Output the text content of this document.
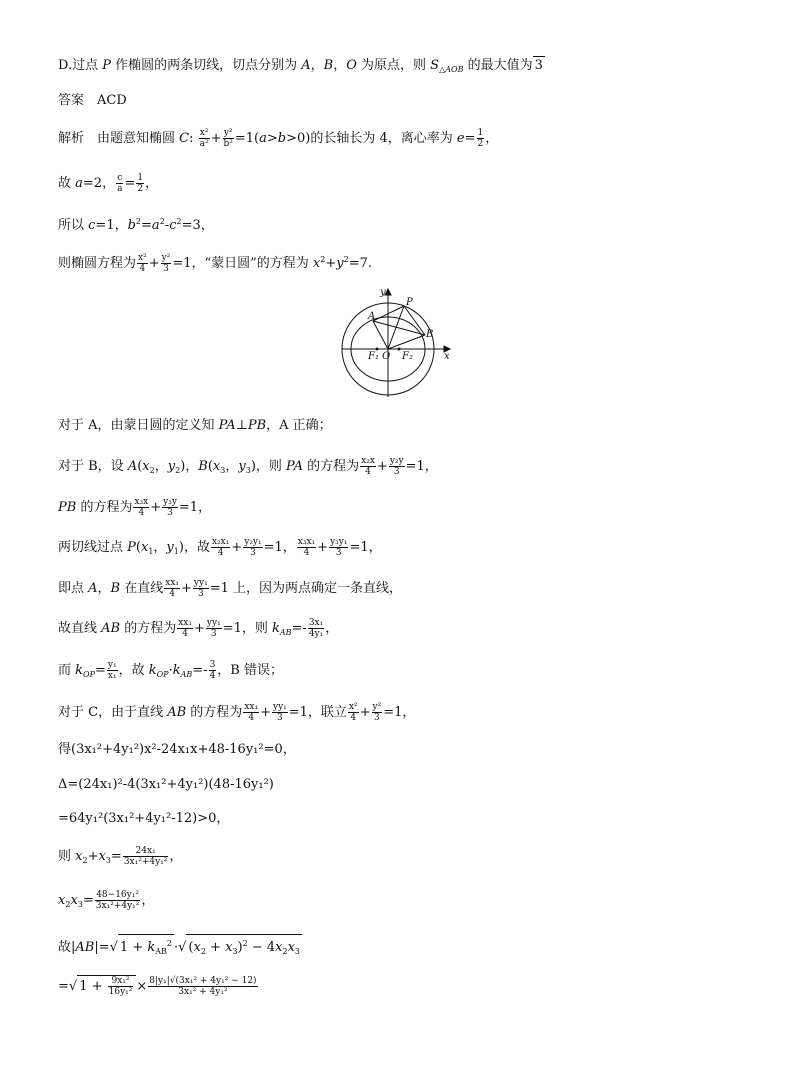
D.过点 P 作椭圆的两条切线，切点分别为 A，B，O 为原点，则 $S_{\triangle AOB}$ 的最大值为 3
答案　ACD
解析　由题意知椭圆 C: $\frac{\text{x²}}{\text{a²}} + \frac{\text{y²}}{\text{b²}} =1(a>b>0)$的长轴长为 4，离心率为 $e= \frac{1}{2}$ ，
故 a=2， $\frac{c}{a} = \frac{1}{2}$ ，
所以 c=1，$b^2=a^2-c^2=3$，
则椭圆方程为 $\frac{\text{x²}}{4} + \frac{\text{y²}}{3} =1$，“蒙日圆”的方程为 $x^2+y^2=7$.
y
x
P
A
B
O
F₁ F₂
对于 A，由蒙日圆的定义知 PA⊥PB，A 正确；
对于 B，设 $A(x_2$，$y_2$)，$B(x_3$，$y_3$)，则 PA 的方程为 $\frac{\text{x₂x}}{4} + \frac{\text{y₂y}}{3} =1$，
PB 的方程为 $\frac{\text{x₃x}}{4} + \frac{\text{y₃y}}{3} =1$，
两切线过点 $P(x_1$，$y_1$)，故 $\frac{\text{x₂x₁}}{4} + \frac{\text{y₂y₁}}{3} =1$， $\frac{\text{x₃x₁}}{4} + \frac{\text{y₃y₁}}{3} =1$，
即点 A，B 在直线 $\frac{\text{xx₁}}{4} + \frac{\text{yy₁}}{3} =1$ 上，因为两点确定一条直线，
故直线 AB 的方程为 $\frac{\text{xx₁}}{4} + \frac{\text{yy₁}}{3} =1$，则 $k_{AB}=- \frac{\text{3x₁}}{\text{4y₁}}$ ，
而 $k_{OP}= \frac{\text{y₁}}{\text{x₁}}$ ，故 $k_{OP}\cdot k_{AB}=- \frac{3}{4}$ ，B 错误；
对于 C，由于直线 AB 的方程为 $\frac{\text{xx₁}}{4} + \frac{\text{yy₁}}{3} =1$，联立 $\frac{\text{x²}}{4} + \frac{\text{y²}}{3} =1$，
得(3x₁²+4y₁²)x²-24x₁x+48-16y₁²=0，
Δ=(24x₁)²-4(3x₁²+4y₁²)(48-16y₁²)
=64y₁²(3x₁²+4y₁²-12)>0，
则 $x_2+x_3= \frac{\text{24x₁}}{\text{3x₁²+4y₁²}}$ ，
$x_2x_3= \frac{\text{48−16y₁²}}{\text{3x₁²+4y₁²}}$ ，
故|AB|=√ $1 + k_{AB}^2$ ·√ $(x_2 + x_3)^2 - 4x_2x_3$
=√ $1 + \frac{\text{9x₁²}}{\text{16y₁²}} \times \frac{\text{8|y₁|√(3x₁² + 4y₁² − 12)}}{\text{3x₁² + 4y₁²}}$
